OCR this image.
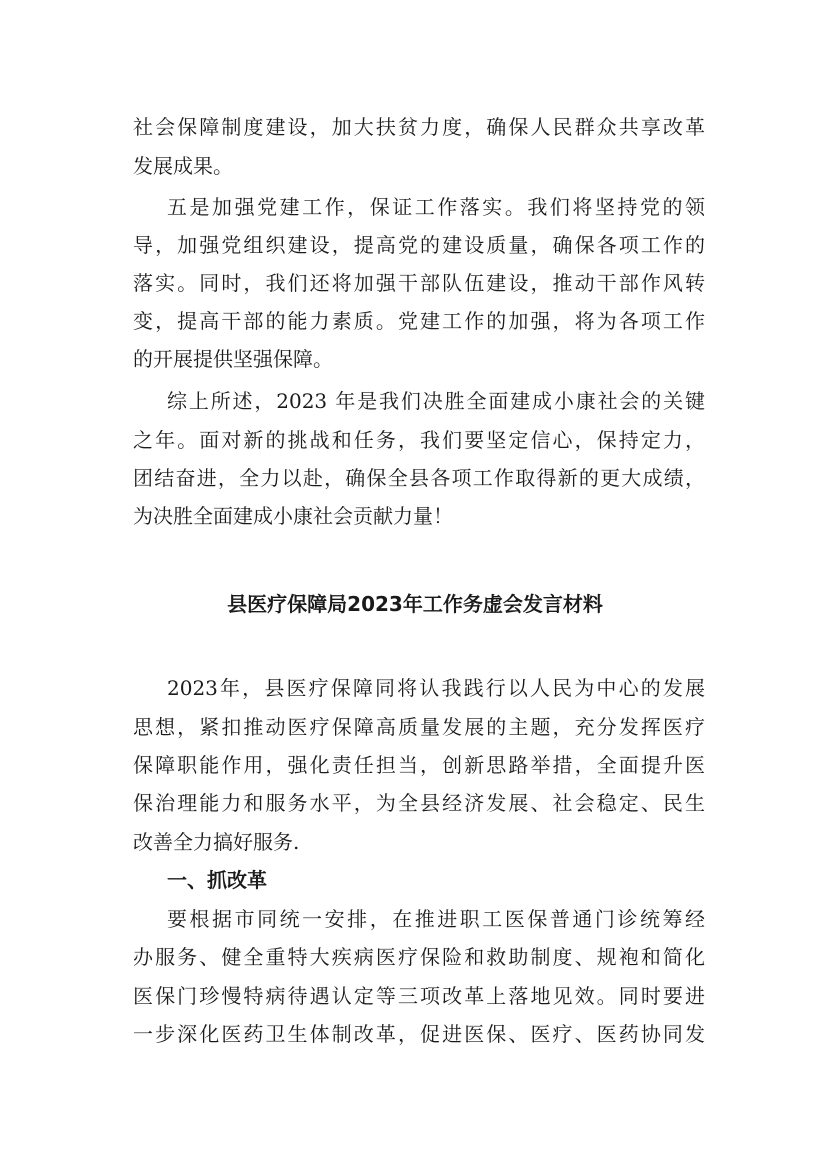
社会保障制度建设，加大扶贫力度，确保人民群众共享改革
发展成果。
五是加强党建工作，保证工作落实。我们将坚持党的领
导，加强党组织建设，提高党的建设质量，确保各项工作的
落实。同时，我们还将加强干部队伍建设，推动干部作风转
变，提高干部的能力素质。党建工作的加强，将为各项工作
的开展提供坚强保障。
综上所述，2023 年是我们决胜全面建成小康社会的关键
之年。面对新的挑战和任务，我们要坚定信心，保持定力，
团结奋进，全力以赴，确保全县各项工作取得新的更大成绩，
为决胜全面建成小康社会贡献力量！
县医疗保障局2023年工作务虚会发言材料
2023年，县医疗保障同将认我践行以人民为中心的发展
思想，紧扣推动医疗保障高质量发展的主题，充分发挥医疗
保障职能作用，强化责任担当，创新思路举措，全面提升医
保治理能力和服务水平，为全县经济发展、社会稳定、民生
改善全力搞好服务.
一、抓改革
要根据市同统一安排，在推进职工医保普通门诊统筹经
办服务、健全重特大疾病医疗保险和救助制度、规袍和简化
医保门珍慢特病待遇认定等三项改革上落地见效。同时要进
一步深化医药卫生体制改革，促进医保、医疗、医药协同发
